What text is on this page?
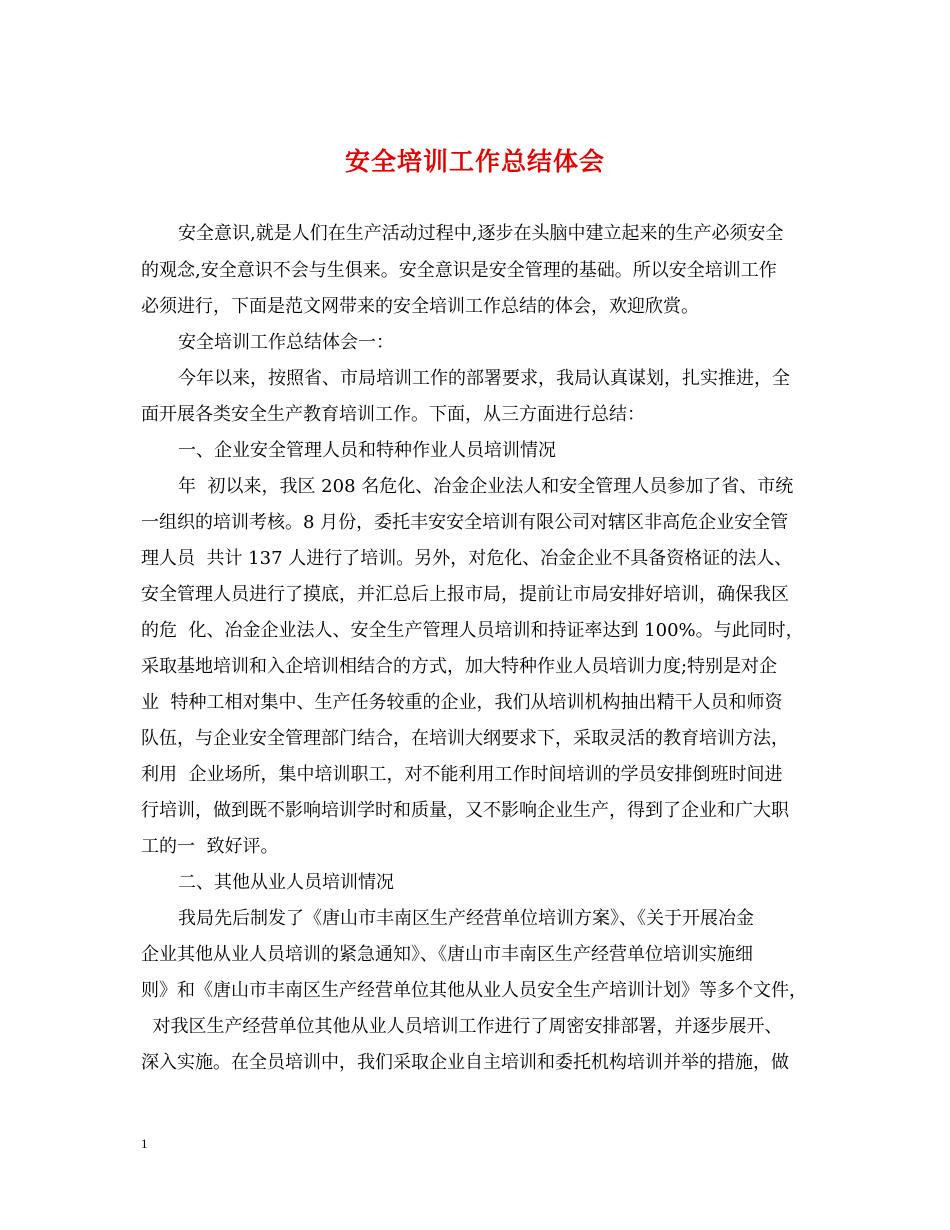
安全培训工作总结体会

安全意识,就是人们在生产活动过程中,逐步在头脑中建立起来的生产必须安全

的观念,安全意识不会与生俱来。安全意识是安全管理的基础。所以安全培训工作

必须进行，下面是范文网带来的安全培训工作总结的体会，欢迎欣赏。

安全培训工作总结体会一：

今年以来，按照省、市局培训工作的部署要求，我局认真谋划，扎实推进，全

面开展各类安全生产教育培训工作。下面，从三方面进行总结：

一、企业安全管理人员和特种作业人员培训情况

年  初以来，我区 208 名危化、冶金企业法人和安全管理人员参加了省、市统

一组织的培训考核。8 月份，委托丰安安全培训有限公司对辖区非高危企业安全管

理人员  共计 137 人进行了培训。另外，对危化、冶金企业不具备资格证的法人、

安全管理人员进行了摸底，并汇总后上报市局，提前让市局安排好培训，确保我区

的危  化、冶金企业法人、安全生产管理人员培训和持证率达到 100%。与此同时，

采取基地培训和入企培训相结合的方式，加大特种作业人员培训力度;特别是对企

业  特种工相对集中、生产任务较重的企业，我们从培训机构抽出精干人员和师资

队伍，与企业安全管理部门结合，在培训大纲要求下，采取灵活的教育培训方法，

利用  企业场所，集中培训职工，对不能利用工作时间培训的学员安排倒班时间进

行培训，做到既不影响培训学时和质量，又不影响企业生产，得到了企业和广大职

工的一  致好评。

二、其他从业人员培训情况

我局先后制发了《唐山市丰南区生产经营单位培训方案》、《关于开展冶金

企业其他从业人员培训的紧急通知》、《唐山市丰南区生产经营单位培训实施细

则》和《唐山市丰南区生产经营单位其他从业人员安全生产培训计划》等多个文件，

对我区生产经营单位其他从业人员培训工作进行了周密安排部署，并逐步展开、

深入实施。在全员培训中，我们采取企业自主培训和委托机构培训并举的措施，做

1
